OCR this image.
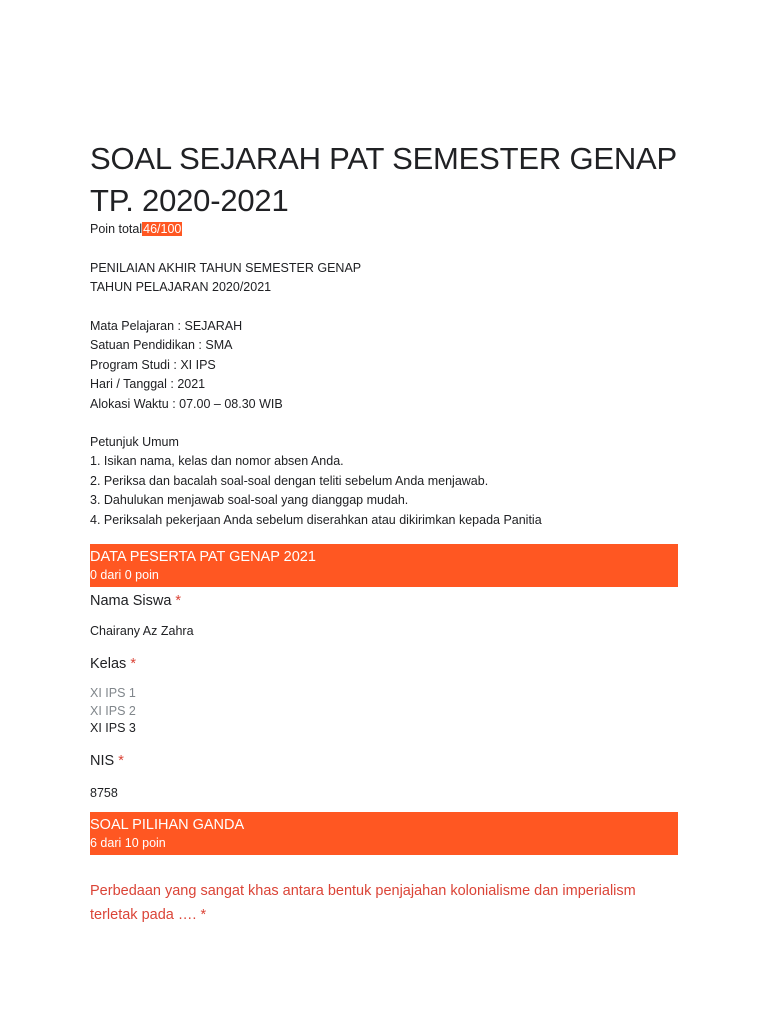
SOAL SEJARAH PAT SEMESTER GENAP TP. 2020-2021
Poin total46/100
PENILAIAN AKHIR TAHUN SEMESTER GENAP
TAHUN PELAJARAN 2020/2021
Mata Pelajaran : SEJARAH
Satuan Pendidikan : SMA
Program Studi : XI IPS
Hari / Tanggal : 2021
Alokasi Waktu : 07.00 – 08.30 WIB
Petunjuk Umum
1. Isikan nama, kelas dan nomor absen Anda.
2. Periksa dan bacalah soal-soal dengan teliti sebelum Anda menjawab.
3. Dahulukan menjawab soal-soal yang dianggap mudah.
4. Periksalah pekerjaan Anda sebelum diserahkan atau dikirimkan kepada Panitia
DATA PESERTA PAT GENAP 2021
0 dari 0 poin
Nama Siswa *
Chairany Az Zahra
Kelas *
XI IPS 1
XI IPS 2
XI IPS 3
NIS *
8758
SOAL PILIHAN GANDA
6 dari 10 poin
Perbedaan yang sangat khas antara bentuk penjajahan kolonialisme dan imperialism terletak pada …. *
